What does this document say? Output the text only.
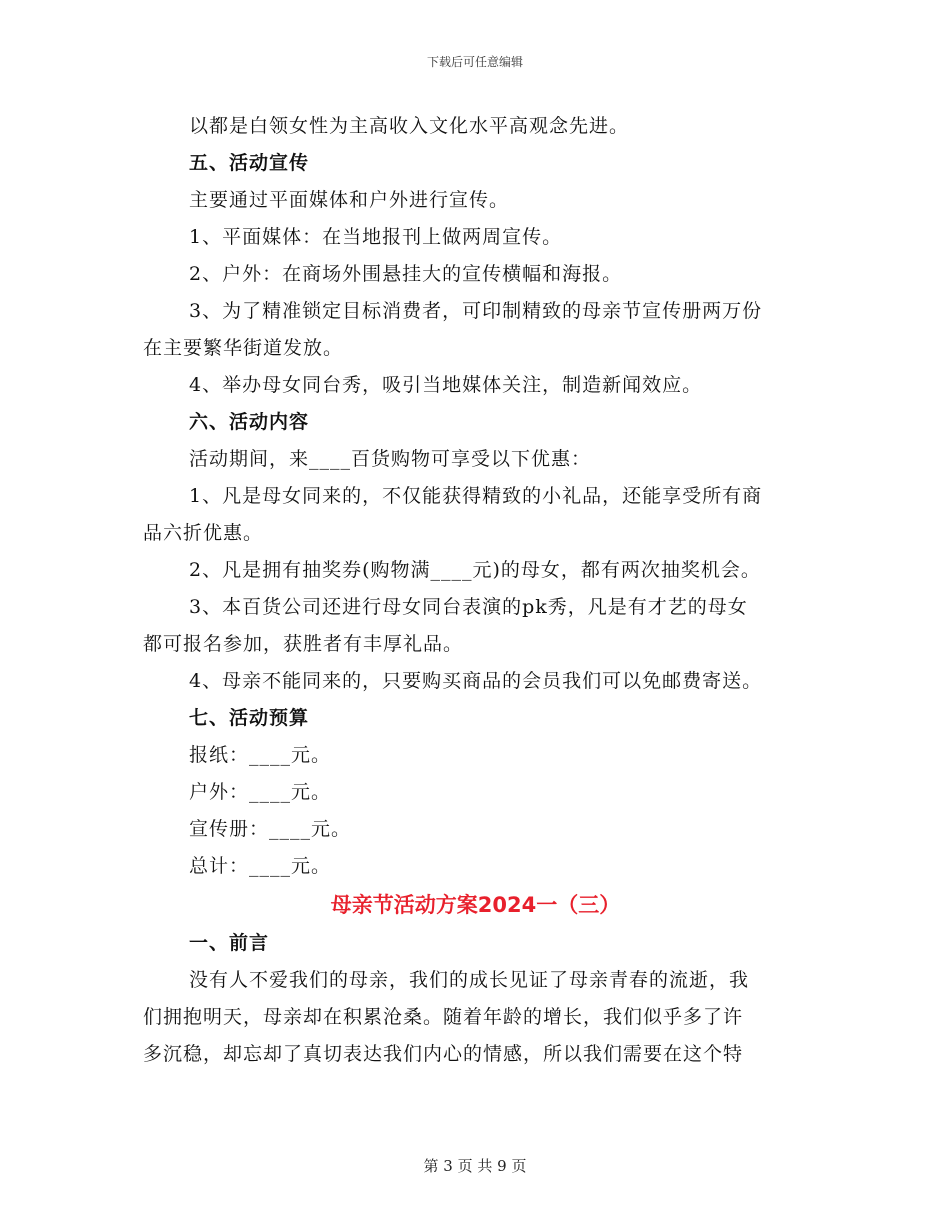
下载后可任意编辑
以都是白领女性为主高收入文化水平高观念先进。
五、活动宣传
主要通过平面媒体和户外进行宣传。
1、平面媒体：在当地报刊上做两周宣传。
2、户外：在商场外围悬挂大的宣传横幅和海报。
3、为了精准锁定目标消费者，可印制精致的母亲节宣传册两万份
在主要繁华街道发放。
4、举办母女同台秀，吸引当地媒体关注，制造新闻效应。
六、活动内容
活动期间，来____百货购物可享受以下优惠：
1、凡是母女同来的，不仅能获得精致的小礼品，还能享受所有商
品六折优惠。
2、凡是拥有抽奖券(购物满____元)的母女，都有两次抽奖机会。
3、本百货公司还进行母女同台表演的pk秀，凡是有才艺的母女
都可报名参加，获胜者有丰厚礼品。
4、母亲不能同来的，只要购买商品的会员我们可以免邮费寄送。
七、活动预算
报纸：____元。
户外：____元。
宣传册：____元。
总计：____元。
母亲节活动方案2024一（三）
一、前言
没有人不爱我们的母亲，我们的成长见证了母亲青春的流逝，我
们拥抱明天，母亲却在积累沧桑。随着年龄的增长，我们似乎多了许
多沉稳，却忘却了真切表达我们内心的情感，所以我们需要在这个特
第 3 页 共 9 页
